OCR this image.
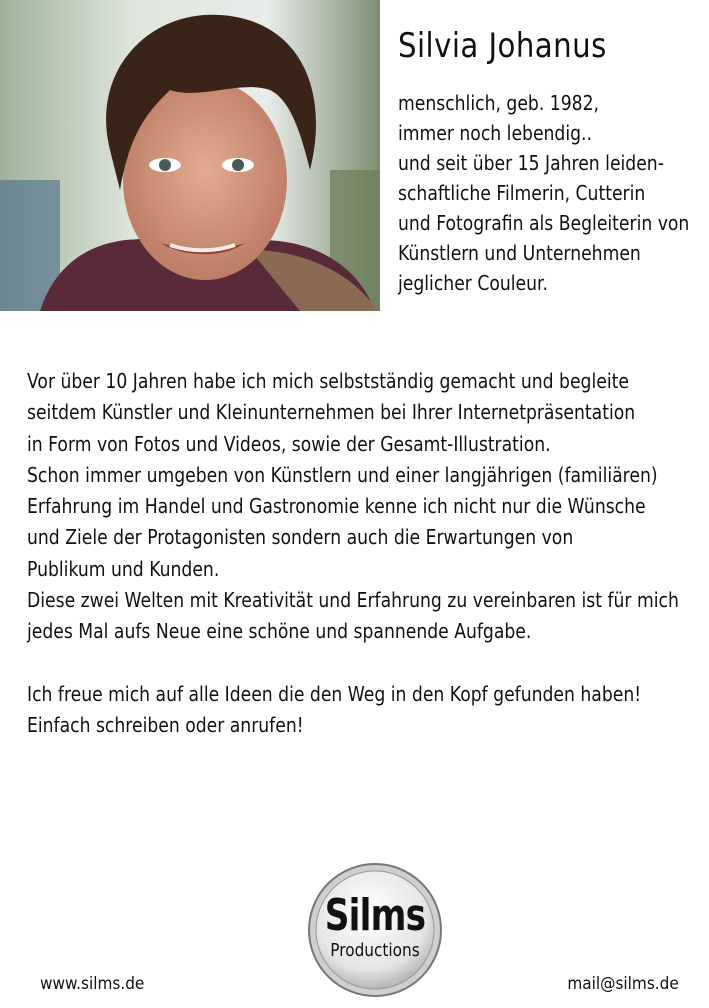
Silvia Johanus
menschlich, geb. 1982,
immer noch lebendig..
und seit über 15 Jahren leiden-
schaftliche Filmerin, Cutterin
und Fotografin als Begleiterin von
Künstlern und Unternehmen
jeglicher Couleur.
Vor über 10 Jahren habe ich mich selbstständig gemacht und begleite
seitdem Künstler und Kleinunternehmen bei Ihrer Internetpräsentation
in Form von Fotos und Videos, sowie der Gesamt-Illustration.
Schon immer umgeben von Künstlern und einer langjährigen (familiären)
Erfahrung im Handel und Gastronomie kenne ich nicht nur die Wünsche
und Ziele der Protagonisten sondern auch die Erwartungen von
Publikum und Kunden.
Diese zwei Welten mit Kreativität und Erfahrung zu vereinbaren ist für mich
jedes Mal aufs Neue eine schöne und spannende Aufgabe.
Ich freue mich auf alle Ideen die den Weg in den Kopf gefunden haben!
Einfach schreiben oder anrufen!
Silms
Productions
www.silms.de	mail@silms.de
